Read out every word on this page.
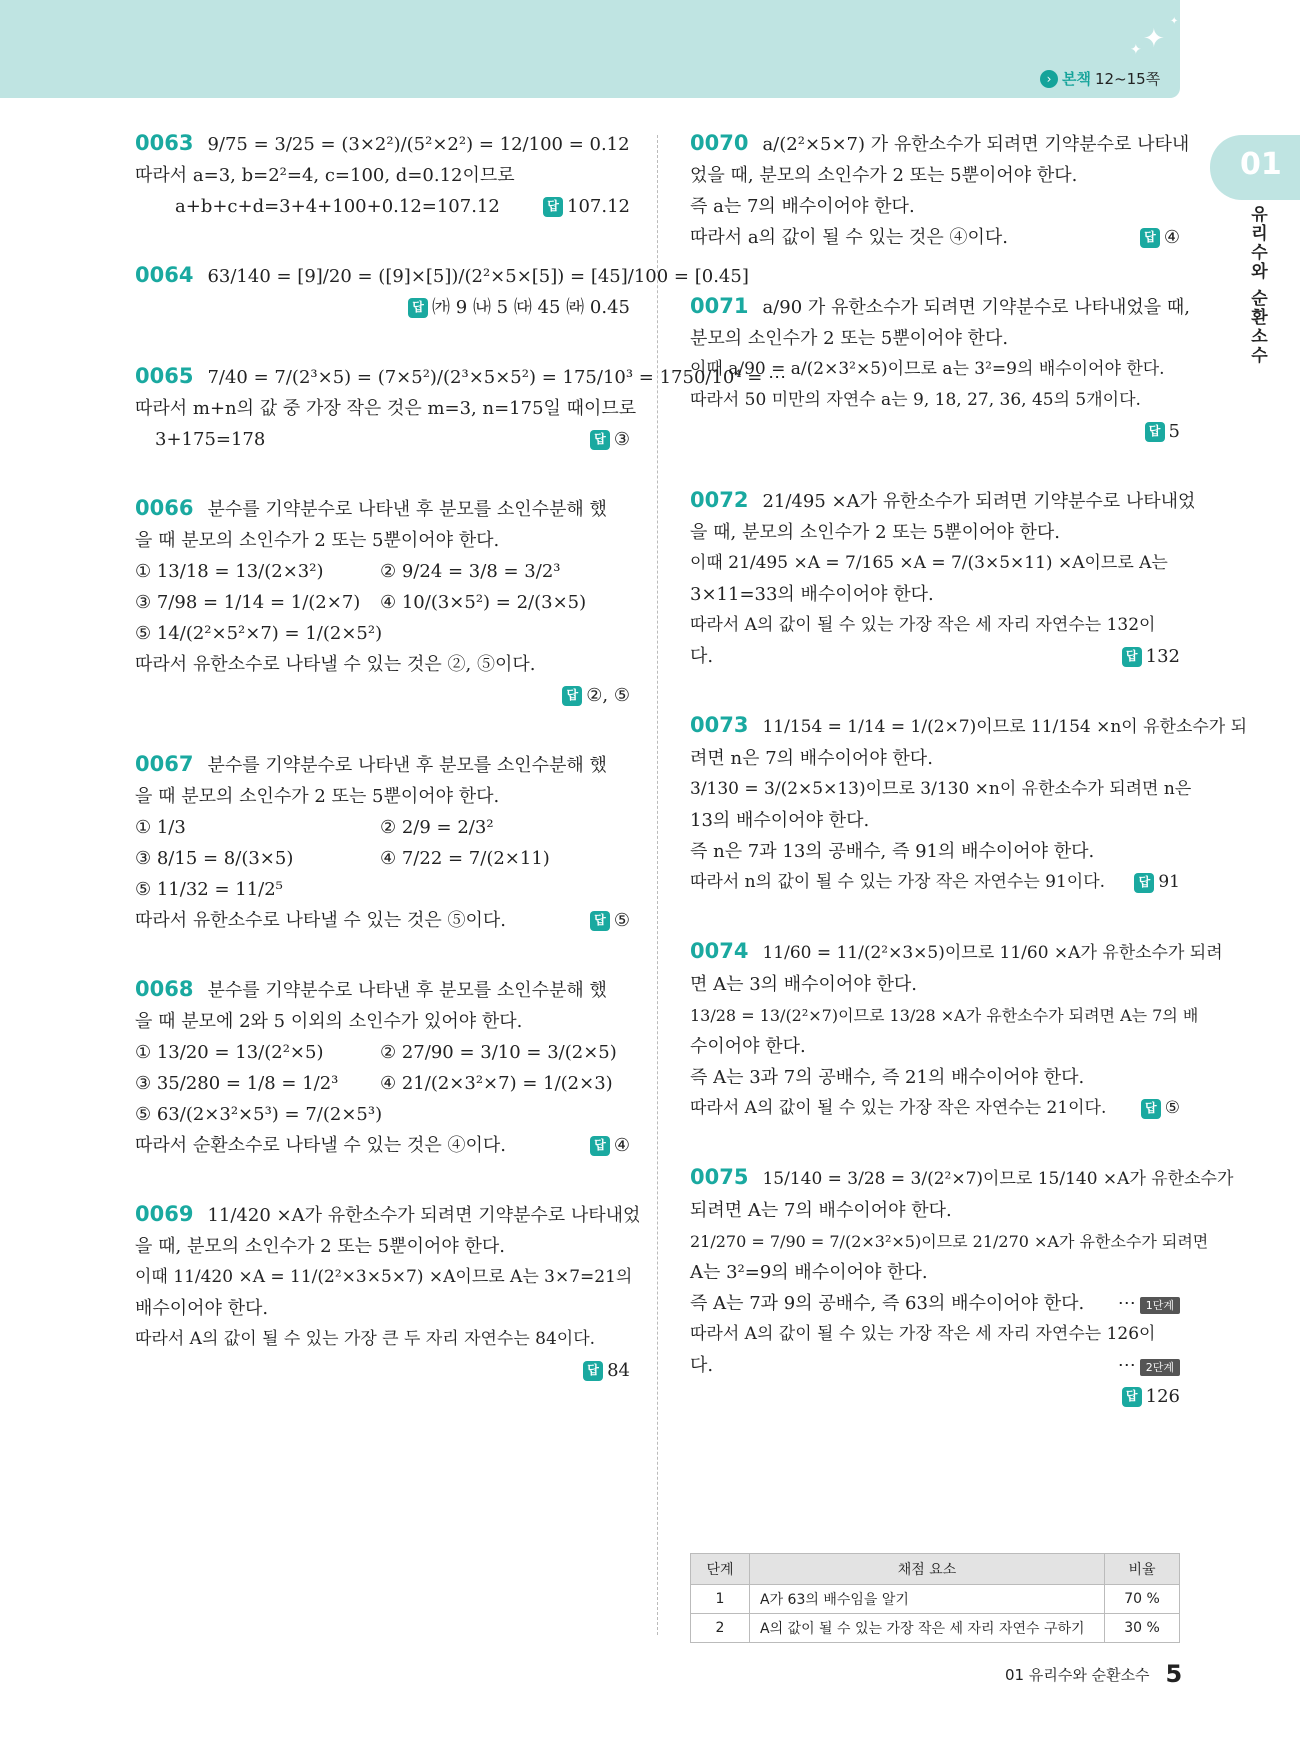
✦
✦
✦
› 본책 12~15쪽
01
유리수와 순환소수
0063 9/75 = 3/25 = (3×2²)/(5²×2²) = 12/100 = 0.12
따라서 a=3, b=2²=4, c=100, d=0.12이므로
a+b+c+d=3+4+100+0.12=107.12	답 107.12
0064 63/140 = [9]/20 = ([9]×[5])/(2²×5×[5]) = [45]/100 = [0.45]
답 ㈎ 9 ㈏ 5 ㈐ 45 ㈑ 0.45
0065 7/40 = 7/(2³×5) = (7×5²)/(2³×5×5²) = 175/10³ = 1750/10⁴ = ⋯
따라서 m+n의 값 중 가장 작은 것은 m=3, n=175일 때이므로
3+175=178	답 ③
0066 분수를 기약분수로 나타낸 후 분모를 소인수분해 했
을 때 분모의 소인수가 2 또는 5뿐이어야 한다.
① 13/18 = 13/(2×3²)	② 9/24 = 3/8 = 3/2³
③ 7/98 = 1/14 = 1/(2×7)	④ 10/(3×5²) = 2/(3×5)
⑤ 14/(2²×5²×7) = 1/(2×5²)
따라서 유한소수로 나타낼 수 있는 것은 ②, ⑤이다.
답 ②, ⑤
0067 분수를 기약분수로 나타낸 후 분모를 소인수분해 했
을 때 분모의 소인수가 2 또는 5뿐이어야 한다.
① 1/3	② 2/9 = 2/3²
③ 8/15 = 8/(3×5)	④ 7/22 = 7/(2×11)
⑤ 11/32 = 11/2⁵
따라서 유한소수로 나타낼 수 있는 것은 ⑤이다.	답 ⑤
0068 분수를 기약분수로 나타낸 후 분모를 소인수분해 했
을 때 분모에 2와 5 이외의 소인수가 있어야 한다.
① 13/20 = 13/(2²×5)	② 27/90 = 3/10 = 3/(2×5)
③ 35/280 = 1/8 = 1/2³	④ 21/(2×3²×7) = 1/(2×3)
⑤ 63/(2×3²×5³) = 7/(2×5³)
따라서 순환소수로 나타낼 수 있는 것은 ④이다.	답 ④
0069 11/420 ×A가 유한소수가 되려면 기약분수로 나타내었
을 때, 분모의 소인수가 2 또는 5뿐이어야 한다.
이때 11/420 ×A = 11/(2²×3×5×7) ×A이므로 A는 3×7=21의
배수이어야 한다.
따라서 A의 값이 될 수 있는 가장 큰 두 자리 자연수는 84이다.
답 84
0070 a/(2²×5×7) 가 유한소수가 되려면 기약분수로 나타내
었을 때, 분모의 소인수가 2 또는 5뿐이어야 한다.
즉 a는 7의 배수이어야 한다.
따라서 a의 값이 될 수 있는 것은 ④이다.	답 ④
0071 a/90 가 유한소수가 되려면 기약분수로 나타내었을 때,
분모의 소인수가 2 또는 5뿐이어야 한다.
이때 a/90 = a/(2×3²×5)이므로 a는 3²=9의 배수이어야 한다.
따라서 50 미만의 자연수 a는 9, 18, 27, 36, 45의 5개이다.
답 5
0072 21/495 ×A가 유한소수가 되려면 기약분수로 나타내었
을 때, 분모의 소인수가 2 또는 5뿐이어야 한다.
이때 21/495 ×A = 7/165 ×A = 7/(3×5×11) ×A이므로 A는
3×11=33의 배수이어야 한다.
따라서 A의 값이 될 수 있는 가장 작은 세 자리 자연수는 132이
다.	답 132
0073 11/154 = 1/14 = 1/(2×7)이므로 11/154 ×n이 유한소수가 되
려면 n은 7의 배수이어야 한다.
3/130 = 3/(2×5×13)이므로 3/130 ×n이 유한소수가 되려면 n은
13의 배수이어야 한다.
즉 n은 7과 13의 공배수, 즉 91의 배수이어야 한다.
따라서 n의 값이 될 수 있는 가장 작은 자연수는 91이다.	답 91
0074 11/60 = 11/(2²×3×5)이므로 11/60 ×A가 유한소수가 되려
면 A는 3의 배수이어야 한다.
13/28 = 13/(2²×7)이므로 13/28 ×A가 유한소수가 되려면 A는 7의 배
수이어야 한다.
즉 A는 3과 7의 공배수, 즉 21의 배수이어야 한다.
따라서 A의 값이 될 수 있는 가장 작은 자연수는 21이다.	답 ⑤
0075 15/140 = 3/28 = 3/(2²×7)이므로 15/140 ×A가 유한소수가
되려면 A는 7의 배수이어야 한다.
21/270 = 7/90 = 7/(2×3²×5)이므로 21/270 ×A가 유한소수가 되려면
A는 3²=9의 배수이어야 한다.
즉 A는 7과 9의 공배수, 즉 63의 배수이어야 한다. ⋯ 1단계
따라서 A의 값이 될 수 있는 가장 작은 세 자리 자연수는 126이
다.	⋯ 2단계
답 126
단계	채점 요소	비율
1	A가 63의 배수임을 알기	70 %
2	A의 값이 될 수 있는 가장 작은 세 자리 자연수 구하기	30 %
01 유리수와 순환소수 5
